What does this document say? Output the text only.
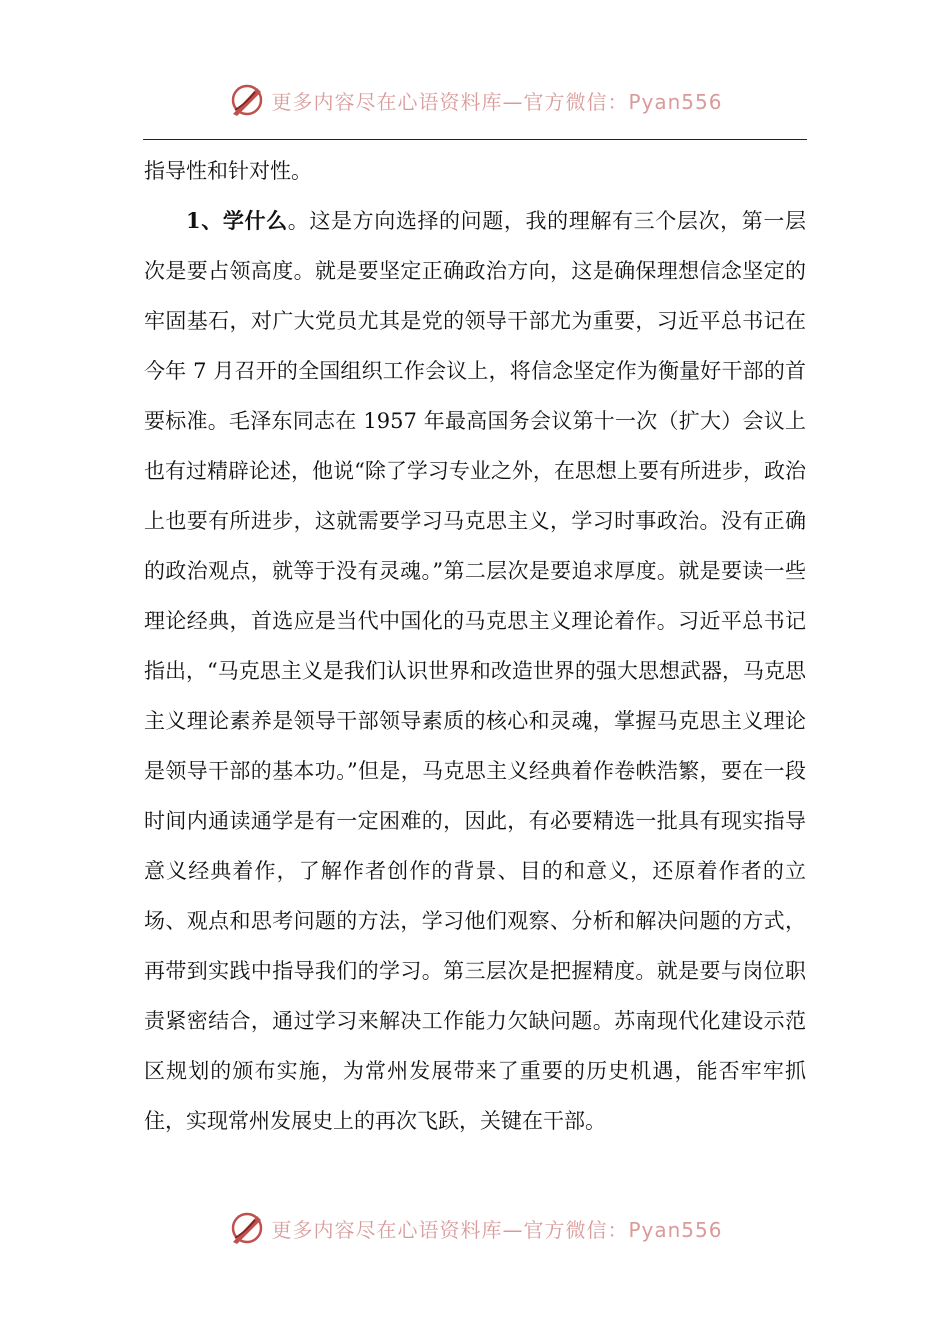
更多内容尽在心语资料库—官方微信：Pyan556

指导性和针对性。

1、学什么。这是方向选择的问题，我的理解有三个层次，第一层次是要占领高度。就是要坚定正确政治方向，这是确保理想信念坚定的牢固基石，对广大党员尤其是党的领导干部尤为重要，习近平总书记在今年 7 月召开的全国组织工作会议上，将信念坚定作为衡量好干部的首要标准。毛泽东同志在 1957 年最高国务会议第十一次（扩大）会议上也有过精辟论述，他说“除了学习专业之外，在思想上要有所进步，政治上也要有所进步，这就需要学习马克思主义，学习时事政治。没有正确的政治观点，就等于没有灵魂。”第二层次是要追求厚度。就是要读一些理论经典，首选应是当代中国化的马克思主义理论着作。习近平总书记指出，“马克思主义是我们认识世界和改造世界的强大思想武器，马克思主义理论素养是领导干部领导素质的核心和灵魂，掌握马克思主义理论是领导干部的基本功。”但是，马克思主义经典着作卷帙浩繁，要在一段时间内通读通学是有一定困难的，因此，有必要精选一批具有现实指导意义经典着作，了解作者创作的背景、目的和意义，还原着作者的立场、观点和思考问题的方法，学习他们观察、分析和解决问题的方式，再带到实践中指导我们的学习。第三层次是把握精度。就是要与岗位职责紧密结合，通过学习来解决工作能力欠缺问题。苏南现代化建设示范区规划的颁布实施，为常州发展带来了重要的历史机遇，能否牢牢抓住，实现常州发展史上的再次飞跃，关键在干部。

更多内容尽在心语资料库—官方微信：Pyan556
